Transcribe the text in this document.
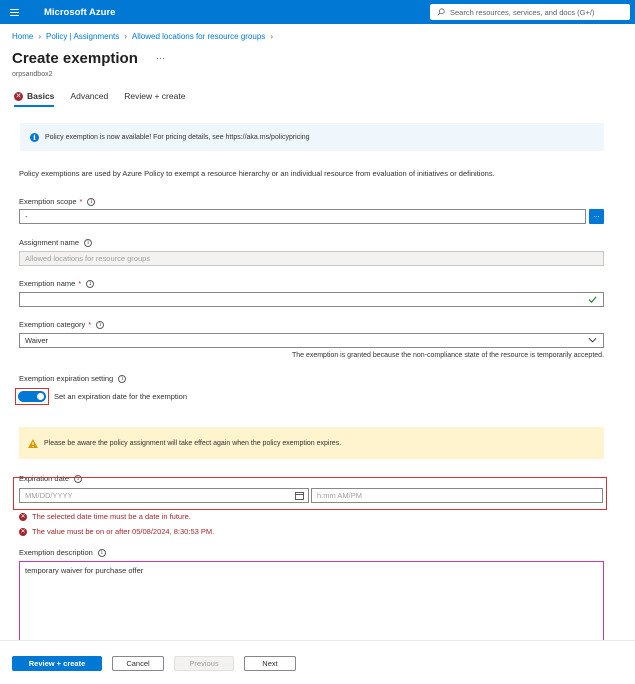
Microsoft Azure	Search resources, services, and docs (G+/)
Home › Policy | Assignments › Allowed locations for resource groups ›
Create exemption ···
orpsandbox2
✕ Basics Advanced Review + create
i	Policy exemption is now available! For pricing details, see https://aka.ms/policypricing
Policy exemptions are used by Azure Policy to exempt a resource hierarchy or an individual resource from evaluation of initiatives or definitions.
Exemption scope *	i
-	...
Assignment name	i
Allowed locations for resource groups
Exemption name *	i
Exemption category *	i
Waiver
The exemption is granted because the non-compliance state of the resource is temporarily accepted.
Exemption expiration setting	i
Set an expiration date for the exemption
Please be aware the policy assignment will take effect again when the policy exemption expires.
Expiration date	i
MM/DD/YYYY	h:mm AM/PM
✕ The selected date time must be a date in future.
✕ The value must be on or after 05/08/2024, 8:30:53 PM.
Exemption description	i
temporary waiver for purchase offer
Review + create	Cancel	Previous	Next
